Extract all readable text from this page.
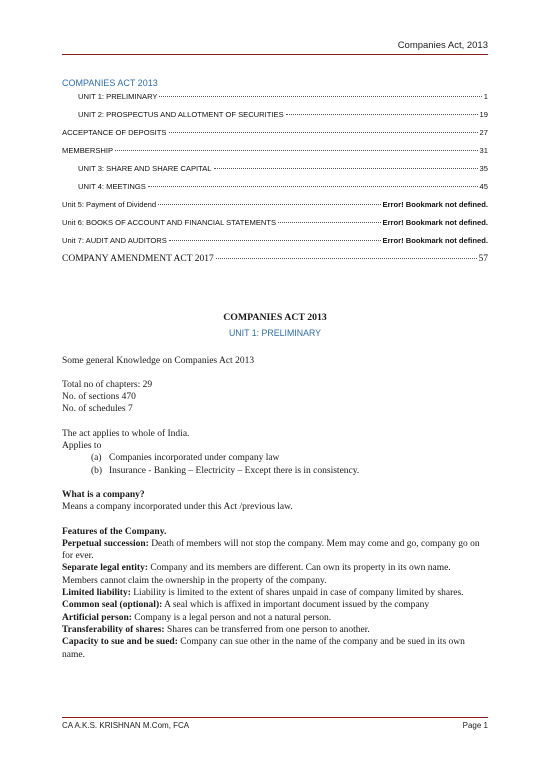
Companies Act, 2013
COMPANIES ACT 2013
UNIT 1: PRELIMINARY	1
UNIT 2: PROSPECTUS AND ALLOTMENT OF SECURITIES	19
ACCEPTANCE OF DEPOSITS	27
MEMBERSHIP	31
UNIT 3: SHARE AND SHARE CAPITAL	35
UNIT 4: MEETINGS	45
Unit 5: Payment of Dividend	Error! Bookmark not defined.
Unit 6: BOOKS OF ACCOUNT AND FINANCIAL STATEMENTS	Error! Bookmark not defined.
Unit 7: AUDIT AND AUDITORS	Error! Bookmark not defined.
COMPANY AMENDMENT ACT 2017	57

COMPANIES ACT 2013

UNIT 1: PRELIMINARY

Some general Knowledge on Companies Act 2013

Total no of chapters: 29

No. of sections 470

No. of schedules 7

The act applies to whole of India.

Applies to

(a) Companies incorporated under company law
(b) Insurance - Banking – Electricity – Except there is in consistency.

What is a company?

Means a company incorporated under this Act /previous law.

Features of the Company.

Perpetual succession: Death of members will not stop the company. Mem may come and go, company go on for ever.

Separate legal entity: Company and its members are different. Can own its property in its own name. Members cannot claim the ownership in the property of the company.

Limited liability: Liability is limited to the extent of shares unpaid in case of company limited by shares.

Common seal (optional): A seal which is affixed in important document issued by the company

Artificial person: Company is a legal person and not a natural person.

Transferability of shares: Shares can be transferred from one person to another.

Capacity to sue and be sued: Company can sue other in the name of the company and be sued in its own name.

CA A.K.S. KRISHNAN M.Com, FCA	Page 1
